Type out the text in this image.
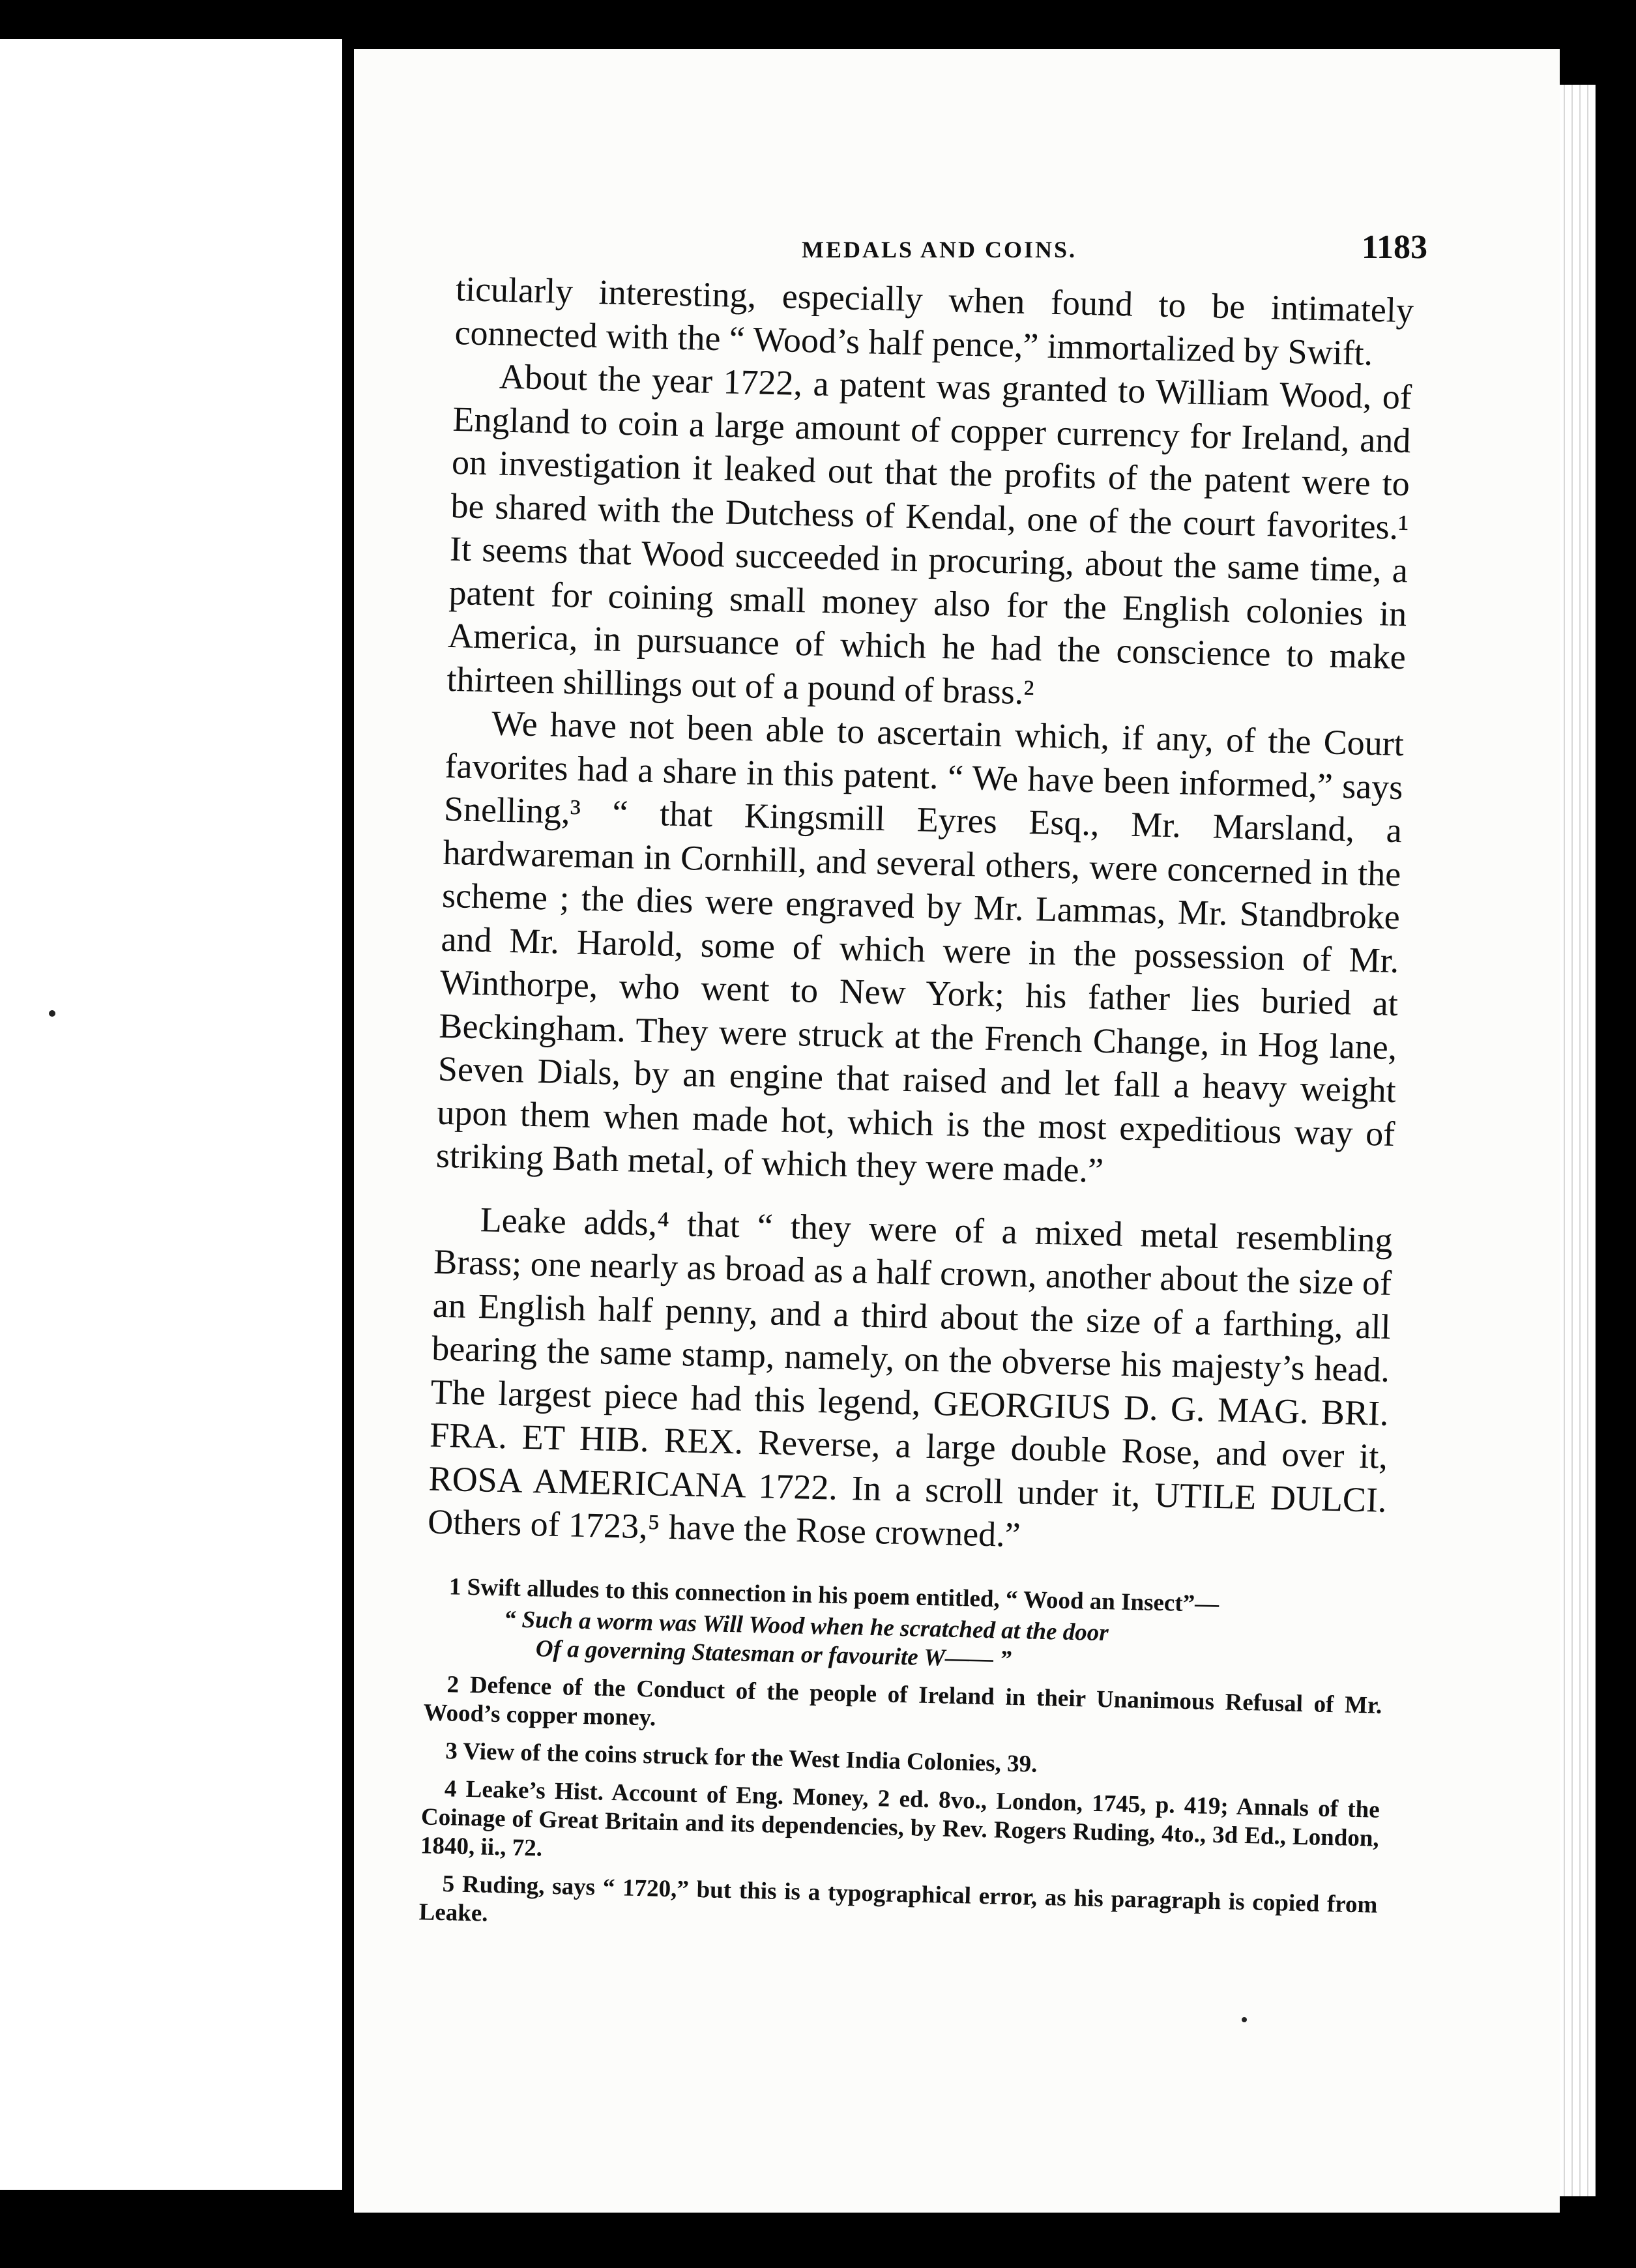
MEDALS AND COINS.	1183

ticularly interesting, especially when found to be intimately connected with the “ Wood’s half pence,” immortalized by Swift.

About the year 1722, a patent was granted to William Wood, of England to coin a large amount of copper currency for Ireland, and on investigation it leaked out that the profits of the patent were to be shared with the Dutchess of Kendal, one of the court favorites.¹ It seems that Wood succeeded in procuring, about the same time, a patent for coining small money also for the English colonies in America, in pursuance of which he had the conscience to make thirteen shillings out of a pound of brass.²

We have not been able to ascertain which, if any, of the Court favorites had a share in this patent. “ We have been informed,” says Snelling,³ “ that Kingsmill Eyres Esq., Mr. Marsland, a hardwareman in Cornhill, and several others, were concerned in the scheme ; the dies were engraved by Mr. Lammas, Mr. Standbroke and Mr. Harold, some of which were in the possession of Mr. Winthorpe, who went to New York; his father lies buried at Beckingham. They were struck at the French Change, in Hog lane, Seven Dials, by an engine that raised and let fall a heavy weight upon them when made hot, which is the most expeditious way of striking Bath metal, of which they were made.”

Leake adds,⁴ that “ they were of a mixed metal resembling Brass; one nearly as broad as a half crown, another about the size of an English half penny, and a third about the size of a farthing, all bearing the same stamp, namely, on the obverse his majesty’s head. The largest piece had this legend, GEORGIUS D. G. MAG. BRI. FRA. ET HIB. REX. Reverse, a large double Rose, and over it, ROSA AMERICANA 1722. In a scroll under it, UTILE DULCI. Others of 1723,⁵ have the Rose crowned.”

1 Swift alludes to this connection in his poem entitled, “ Wood an Insect”—

“ Such a worm was Will Wood when he scratched at the door

Of a governing Statesman or favourite W—— ”

2 Defence of the Conduct of the people of Ireland in their Unanimous Refusal of Mr. Wood’s copper money.

3 View of the coins struck for the West India Colonies, 39.

4 Leake’s Hist. Account of Eng. Money, 2 ed. 8vo., London, 1745, p. 419; Annals of the Coinage of Great Britain and its dependencies, by Rev. Rogers Ruding, 4to., 3d Ed., London, 1840, ii., 72.

5 Ruding, says “ 1720,” but this is a typographical error, as his paragraph is copied from Leake.
